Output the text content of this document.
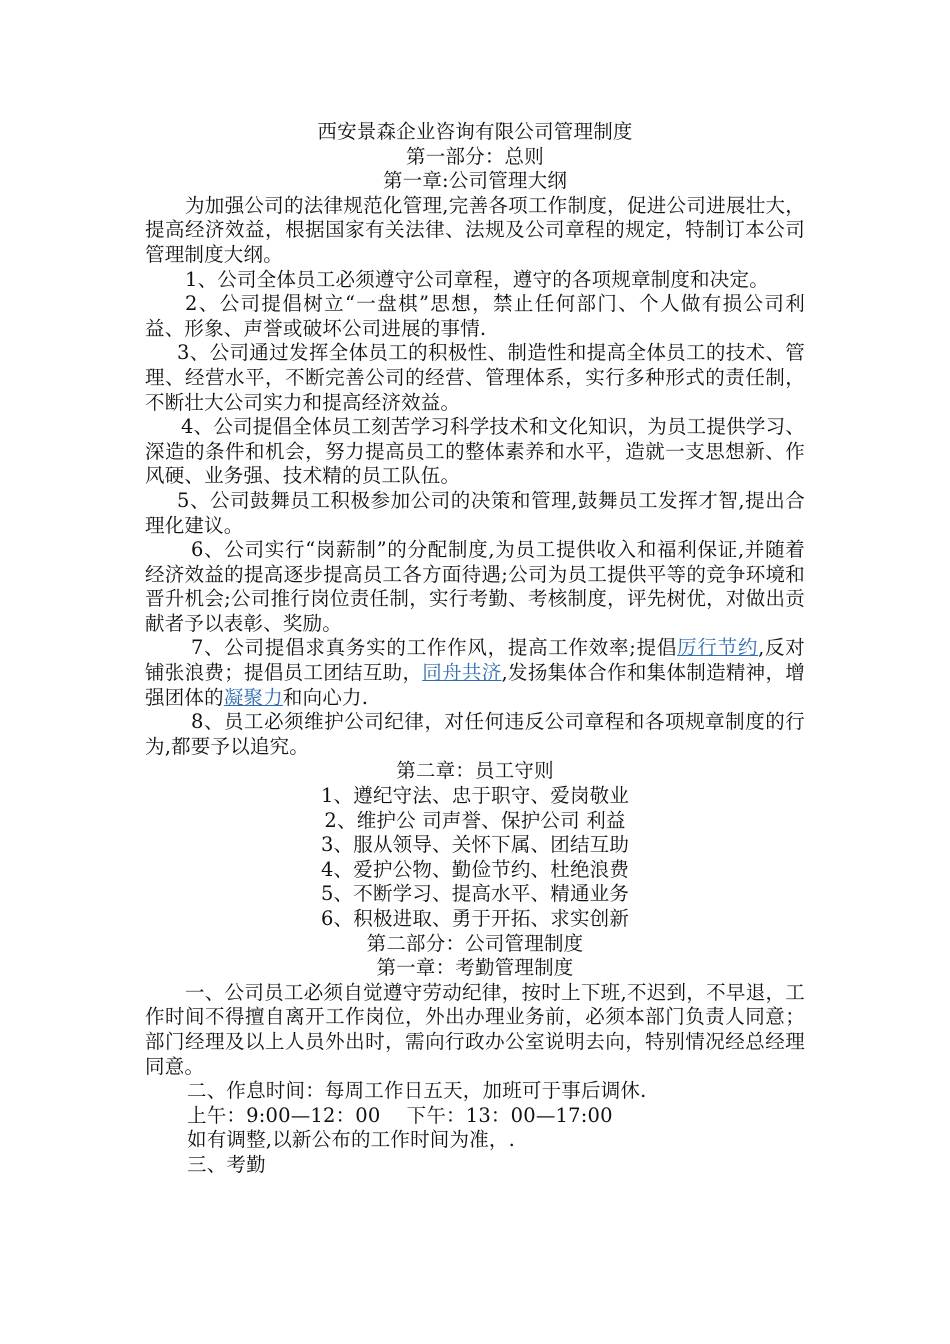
西安景森企业咨询有限公司管理制度
第一部分：总则
第一章:公司管理大纲

为加强公司的法律规范化管理,完善各项工作制度，促进公司进展壮大，提高经济效益，根据国家有关法律、法规及公司章程的规定，特制订本公司管理制度大纲。

1、公司全体员工必须遵守公司章程，遵守的各项规章制度和决定。

2、公司提倡树立“一盘棋”思想，禁止任何部门、个人做有损公司利益、形象、声誉或破坏公司进展的事情.

3、公司通过发挥全体员工的积极性、制造性和提高全体员工的技术、管理、经营水平，不断完善公司的经营、管理体系，实行多种形式的责任制，不断壮大公司实力和提高经济效益。

4、公司提倡全体员工刻苦学习科学技术和文化知识，为员工提供学习、深造的条件和机会，努力提高员工的整体素养和水平，造就一支思想新、作风硬、业务强、技术精的员工队伍。

5、公司鼓舞员工积极参加公司的决策和管理,鼓舞员工发挥才智,提出合理化建议。

6、公司实行“岗薪制”的分配制度,为员工提供收入和福利保证,并随着经济效益的提高逐步提高员工各方面待遇;公司为员工提供平等的竞争环境和晋升机会;公司推行岗位责任制，实行考勤、考核制度，评先树优，对做出贡献者予以表彰、奖励。

7、公司提倡求真务实的工作作风，提高工作效率;提倡厉行节约,反对铺张浪费；提倡员工团结互助，同舟共济,发扬集体合作和集体制造精神，增强团体的凝聚力和向心力.

8、员工必须维护公司纪律，对任何违反公司章程和各项规章制度的行为,都要予以追究。

第二章：员工守则
1、遵纪守法、忠于职守、爱岗敬业
2、维护公 司声誉、保护公司 利益
3、服从领导、关怀下属、团结互助
4、爱护公物、勤俭节约、杜绝浪费
5、不断学习、提高水平、精通业务
6、积极进取、勇于开拓、求实创新
第二部分：公司管理制度
第一章：考勤管理制度

一、公司员工必须自觉遵守劳动纪律，按时上下班,不迟到，不早退，工作时间不得擅自离开工作岗位，外出办理业务前，必须本部门负责人同意；部门经理及以上人员外出时，需向行政办公室说明去向，特别情况经总经理同意。

二、作息时间：每周工作日五天，加班可于事后调休.

上午：9:00—12：00　 下午：13：00—17:00

如有调整,以新公布的工作时间为准，.

三、考勤
